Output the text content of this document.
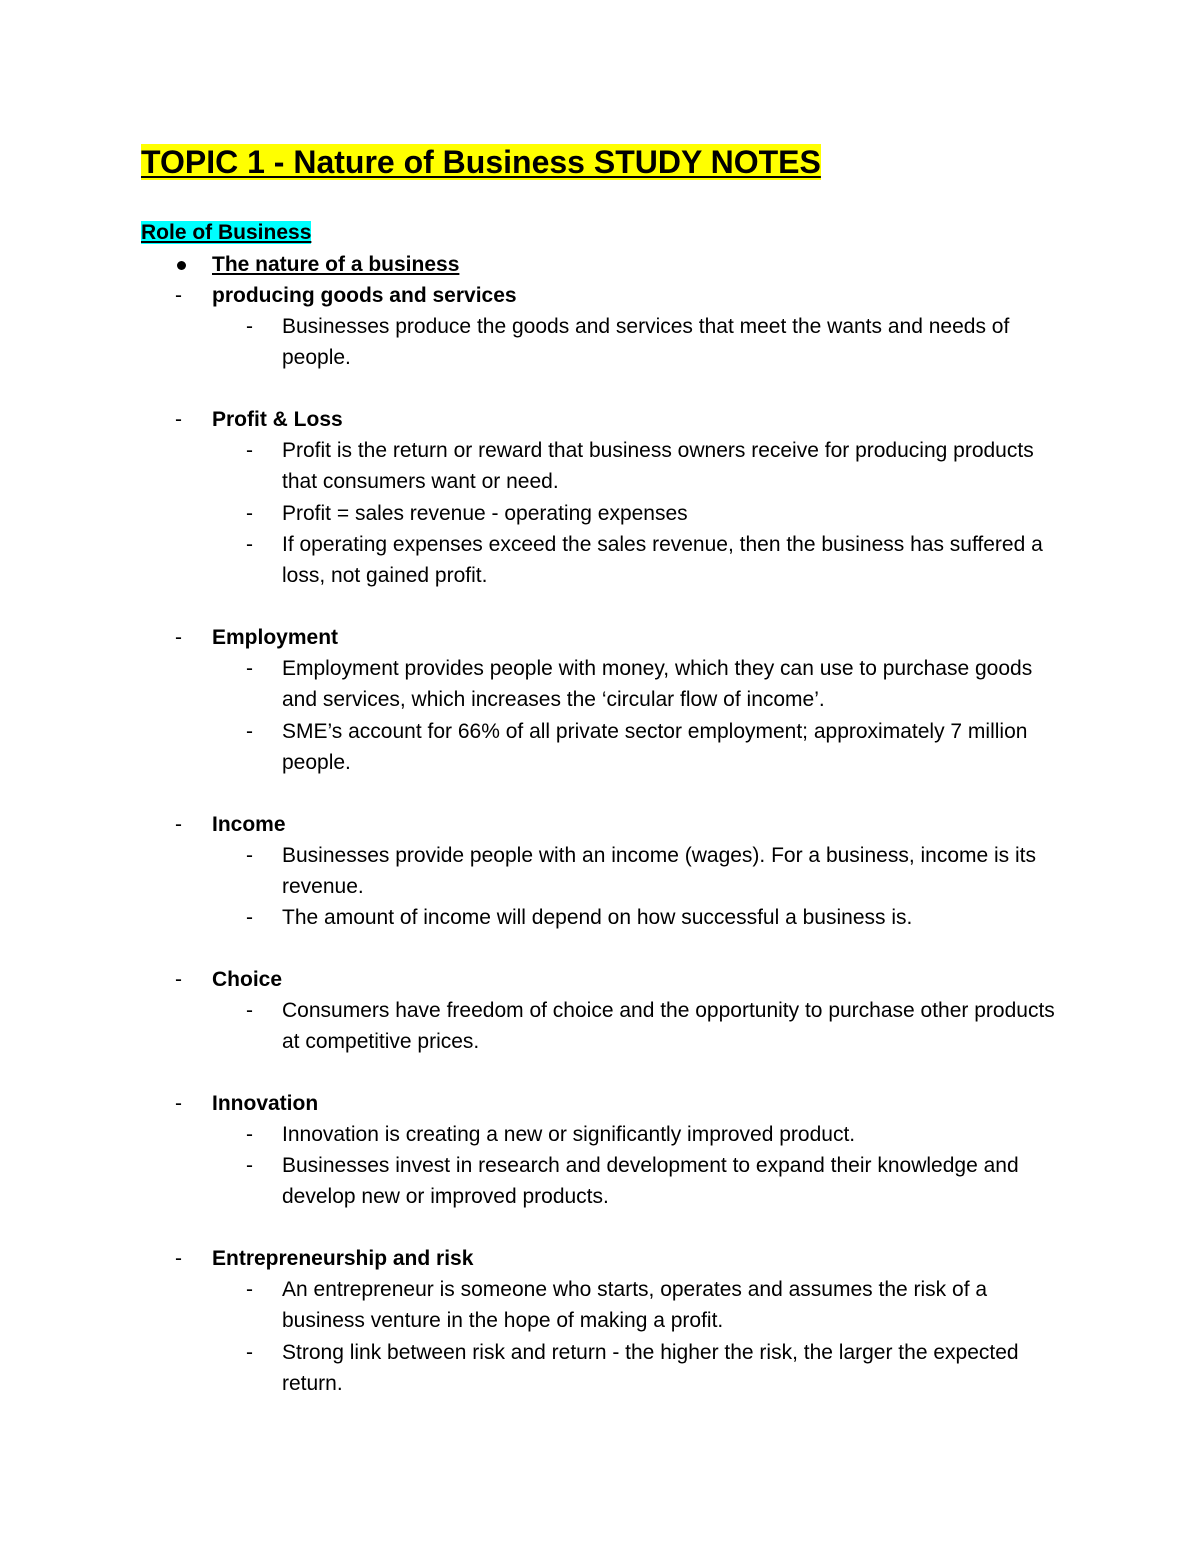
TOPIC 1 - Nature of Business STUDY NOTES
Role of Business
The nature of a business
- producing goods and services
- Businesses produce the goods and services that meet the wants and needs of people.
- Profit & Loss
- Profit is the return or reward that business owners receive for producing products that consumers want or need.
- Profit = sales revenue - operating expenses
- If operating expenses exceed the sales revenue, then the business has suffered a loss, not gained profit.
- Employment
- Employment provides people with money, which they can use to purchase goods and services, which increases the ‘circular flow of income’.
- SME’s account for 66% of all private sector employment; approximately 7 million people.
- Income
- Businesses provide people with an income (wages). For a business, income is its revenue.
- The amount of income will depend on how successful a business is.
- Choice
- Consumers have freedom of choice and the opportunity to purchase other products at competitive prices.
- Innovation
- Innovation is creating a new or significantly improved product.
- Businesses invest in research and development to expand their knowledge and develop new or improved products.
- Entrepreneurship and risk
- An entrepreneur is someone who starts, operates and assumes the risk of a business venture in the hope of making a profit.
- Strong link between risk and return - the higher the risk, the larger the expected return.
